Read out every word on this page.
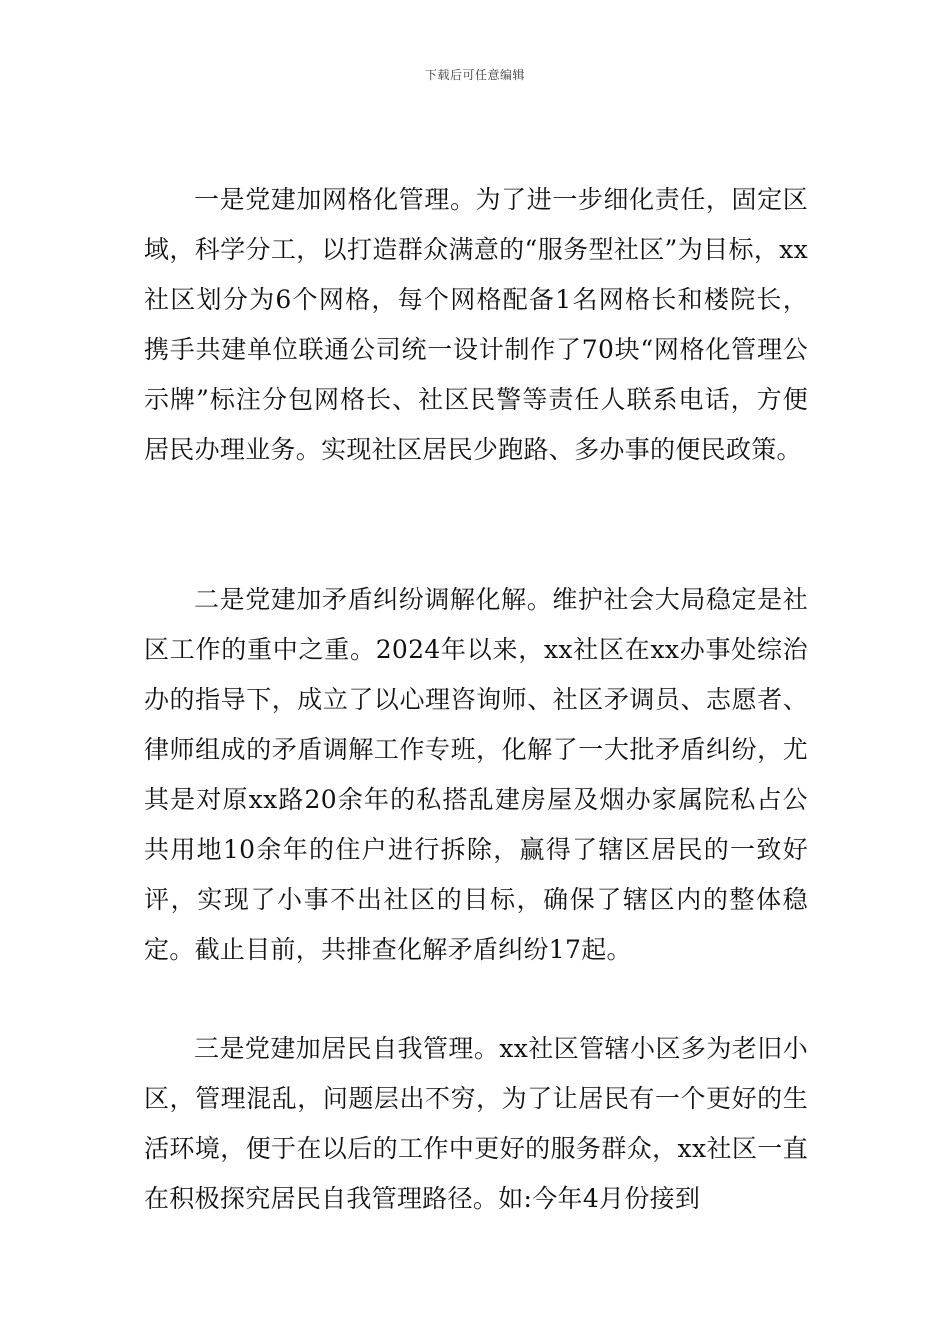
下载后可任意编辑

一是党建加网格化管理。为了进一步细化责任，固定区域，科学分工，以打造群众满意的“服务型社区”为目标，xx社区划分为6个网格，每个网格配备1名网格长和楼院长，携手共建单位联通公司统一设计制作了70块“网格化管理公示牌”标注分包网格长、社区民警等责任人联系电话，方便居民办理业务。实现社区居民少跑路、多办事的便民政策。

二是党建加矛盾纠纷调解化解。维护社会大局稳定是社区工作的重中之重。2024年以来，xx社区在xx办事处综治办的指导下，成立了以心理咨询师、社区矛调员、志愿者、律师组成的矛盾调解工作专班，化解了一大批矛盾纠纷，尤其是对原xx路20余年的私搭乱建房屋及烟办家属院私占公共用地10余年的住户进行拆除，赢得了辖区居民的一致好评，实现了小事不出社区的目标，确保了辖区内的整体稳定。截止目前，共排查化解矛盾纠纷17起。

三是党建加居民自我管理。xx社区管辖小区多为老旧小区，管理混乱，问题层出不穷，为了让居民有一个更好的生活环境，便于在以后的工作中更好的服务群众，xx社区一直在积极探究居民自我管理路径。如:今年4月份接到
